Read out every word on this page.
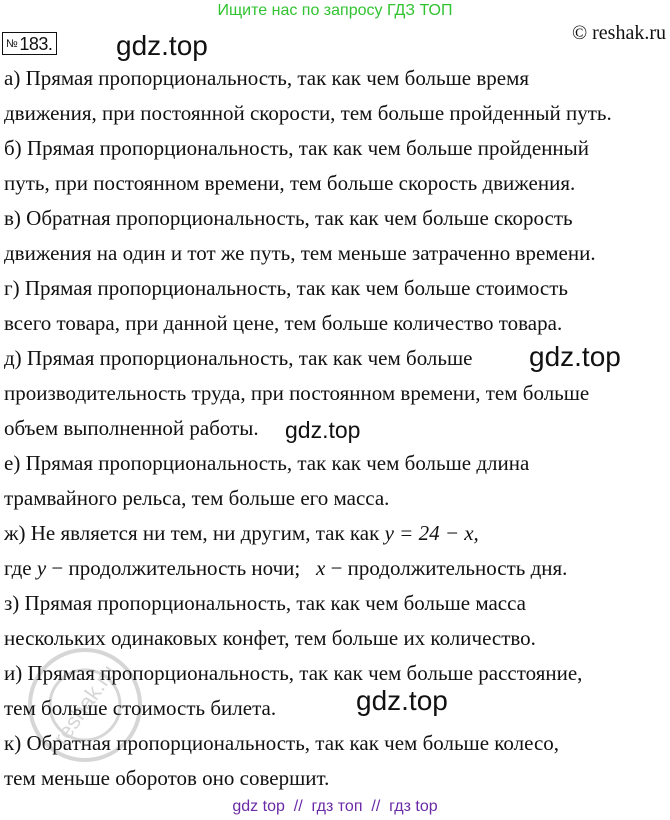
Ищите нас по запросу ГДЗ ТОП
№ 183.	© reshak.ru
gdz.top
gdz.top
gdz.top
gdz.top
а) Прямая пропорциональность, так как чем больше время
движения, при постоянной скорости, тем больше пройденный путь.
б) Прямая пропорциональность, так как чем больше пройденный
путь, при постоянном времени, тем больше скорость движения.
в) Обратная пропорциональность, так как чем больше скорость
движения на один и тот же путь, тем меньше затраченно времени.
г) Прямая пропорциональность, так как чем больше стоимость
всего товара, при данной цене, тем больше количество товара.
д) Прямая пропорциональность, так как чем больше
производительность труда, при постоянном времени, тем больше
объем выполненной работы.
е) Прямая пропорциональность, так как чем больше длина
трамвайного рельса, тем больше его масса.
ж) Не является ни тем, ни другим, так как y = 24 − x,
где y − продолжительность ночи;   x − продолжительность дня.
з) Прямая пропорциональность, так как чем больше масса
нескольких одинаковых конфет, тем больше их количество.
и) Прямая пропорциональность, так как чем больше расстояние,
тем больше стоимость билета.
к) Обратная пропорциональность, так как чем больше колесо,
тем меньше оборотов оно совершит.
reshak.ru
gdz top  //  гдз топ  //  гдз top
